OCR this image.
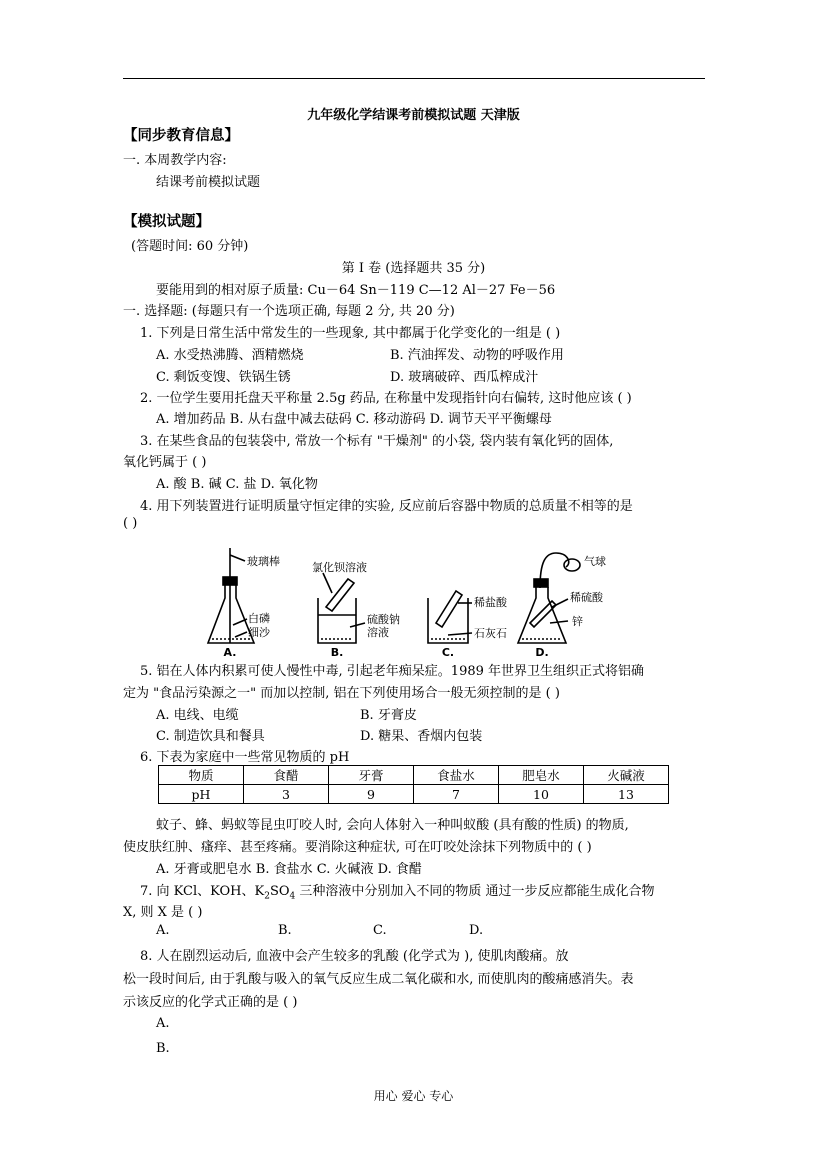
九年级化学结课考前模拟试题 天津版
【同步教育信息】
一. 本周教学内容:
结课考前模拟试题
【模拟试题】
(答题时间: 60 分钟)
第 I 卷 (选择题共 35 分)
要能用到的相对原子质量: Cu－64 Sn－119 C—12 Al－27 Fe－56
一. 选择题: (每题只有一个选项正确, 每题 2 分, 共 20 分)
1. 下列是日常生活中常发生的一些现象, 其中都属于化学变化的一组是 ( )
A. 水受热沸腾、酒精燃烧	B. 汽油挥发、动物的呼吸作用
C. 剩饭变馊、铁锅生锈	D. 玻璃破碎、西瓜榨成汁
2. 一位学生要用托盘天平称量 2.5g 药品, 在称量中发现指针向右偏转, 这时他应该 ( )
A. 增加药品 B. 从右盘中减去砝码 C. 移动游码 D. 调节天平平衡螺母
3. 在某些食品的包装袋中, 常放一个标有 "干燥剂" 的小袋, 袋内装有氧化钙的固体,
氧化钙属于 ( )
A. 酸 B. 碱 C. 盐 D. 氧化物
4. 用下列装置进行证明质量守恒定律的实验, 反应前后容器中物质的总质量不相等的是
( )
玻璃棒
白磷
细沙
A.
氯化钡溶液
硫酸钠
溶液
B.
稀盐酸
石灰石
C.
气球
稀硫酸
锌
D.
5. 铝在人体内积累可使人慢性中毒, 引起老年痴呆症。1989 年世界卫生组织正式将铝确
定为 "食品污染源之一" 而加以控制, 铝在下列使用场合一般无须控制的是 ( )
A. 电线、电缆	B. 牙膏皮
C. 制造饮具和餐具	D. 糖果、香烟内包装
6. 下表为家庭中一些常见物质的 pH
物质	食醋	牙膏	食盐水	肥皂水	火碱液
pH	3	9	7	10	13
蚊子、蜂、蚂蚁等昆虫叮咬人时, 会向人体射入一种叫蚁酸 (具有酸的性质) 的物质,
使皮肤红肿、瘙痒、甚至疼痛。要消除这种症状, 可在叮咬处涂抹下列物质中的 ( )
A. 牙膏或肥皂水 B. 食盐水 C. 火碱液 D. 食醋
7. 向 KCl、KOH、$K_2SO_4$ 三种溶液中分别加入不同的物质 通过一步反应都能生成化合物
X, 则 X 是 ( )
A.	B.	C.	D.
8. 人在剧烈运动后, 血液中会产生较多的乳酸 (化学式为 ), 使肌肉酸痛。放
松一段时间后, 由于乳酸与吸入的氧气反应生成二氧化碳和水, 而使肌肉的酸痛感消失。表
示该反应的化学式正确的是 ( )
A.
B.
用心 爱心 专心
